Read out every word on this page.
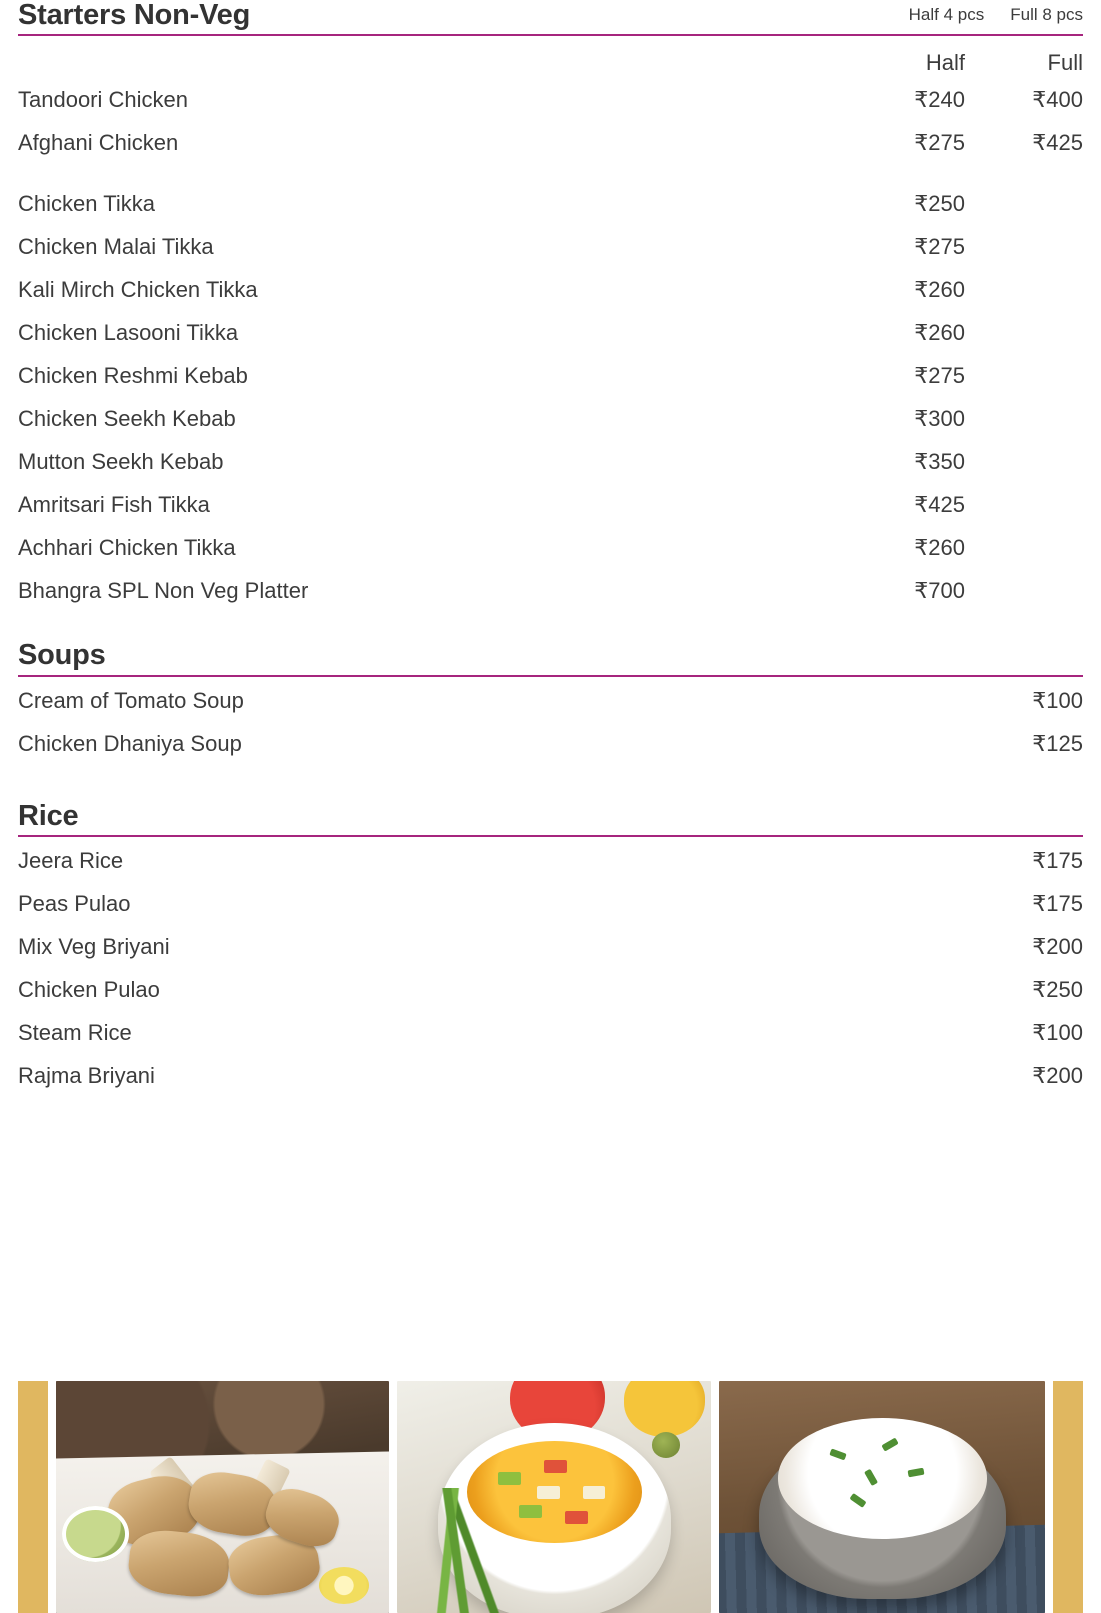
Starters Non-Veg	Half 4 pcs Full 8 pcs
Half	Full
Tandoori Chicken	₹240	₹400
Afghani Chicken	₹275	₹425
Chicken Tikka	₹250
Chicken Malai Tikka	₹275
Kali Mirch Chicken Tikka	₹260
Chicken Lasooni Tikka	₹260
Chicken Reshmi Kebab	₹275
Chicken Seekh Kebab	₹300
Mutton Seekh Kebab	₹350
Amritsari Fish Tikka	₹425
Achhari Chicken Tikka	₹260
Bhangra SPL Non Veg Platter	₹700
Soups
Cream of Tomato Soup	₹100
Chicken Dhaniya Soup	₹125
Rice
Jeera Rice	₹175
Peas Pulao	₹175
Mix Veg Briyani	₹200
Chicken Pulao	₹250
Steam Rice	₹100
Rajma Briyani	₹200
